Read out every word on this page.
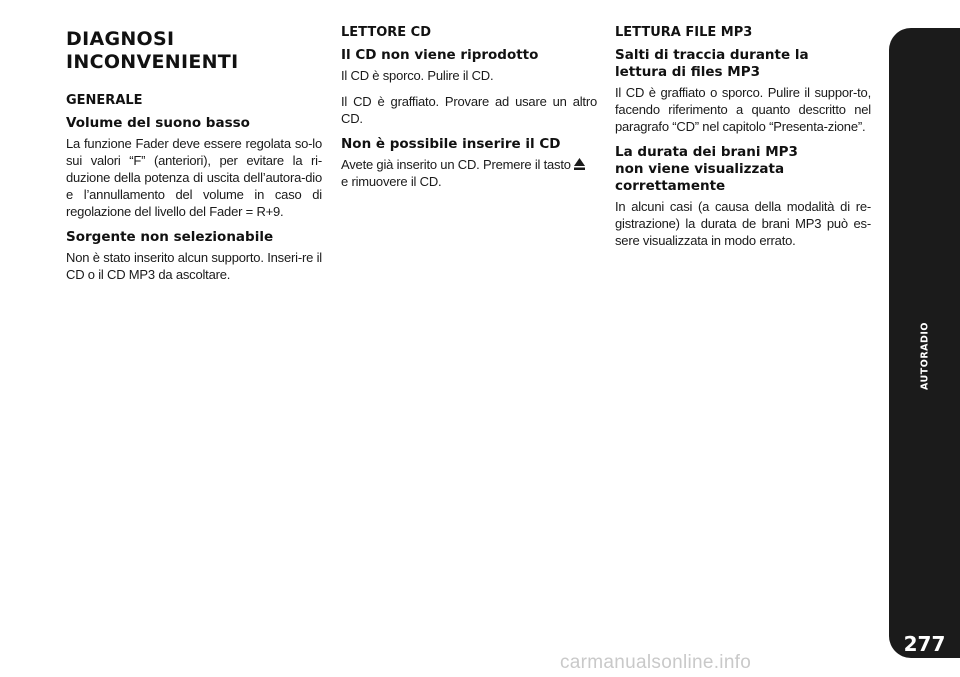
DIAGNOSI
INCONVENIENTI
GENERALE
Volume del suono basso

La funzione Fader deve essere regolata so-lo sui valori “F” (anteriori), per evitare la ri-duzione della potenza di uscita dell’autora-dio e l’annullamento del volume in caso di regolazione del livello del Fader = R+9.

Sorgente non selezionabile

Non è stato inserito alcun supporto. Inseri-re il CD o il CD MP3 da ascoltare.

LETTORE CD
Il CD non viene riprodotto

Il CD è sporco. Pulire il CD.

Il CD è graffiato. Provare ad usare un altro CD.

Non è possibile inserire il CD

Avete già inserito un CD. Premere il tasto
e rimuovere il CD.

LETTURA FILE MP3
Salti di traccia durante la
lettura di files MP3

Il CD è graffiato o sporco. Pulire il suppor-to, facendo riferimento a quanto descritto nel paragrafo “CD” nel capitolo “Presenta-zione”.

La durata dei brani MP3
non viene visualizzata
correttamente

In alcuni casi (a causa della modalità di re-gistrazione) la durata de brani MP3 può es-sere visualizzata in modo errato.

AUTORADIO
277
carmanualsonline.info
